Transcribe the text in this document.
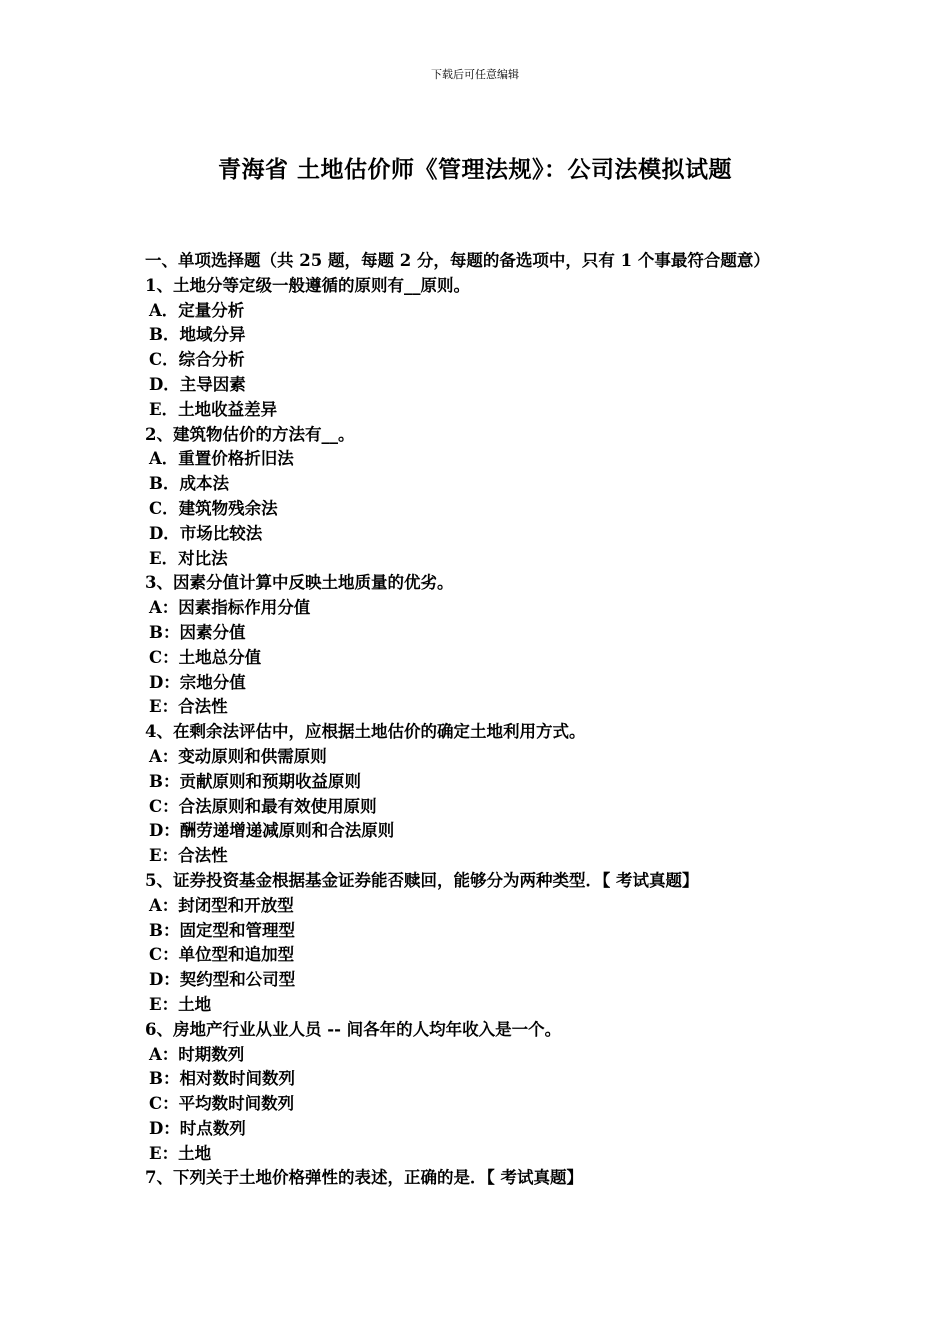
下载后可任意编辑
青海省 土地估价师《管理法规》：公司法模拟试题
一、单项选择题（共 25 题，每题 2 分，每题的备选项中，只有 1 个事最符合题意）
1、土地分等定级一般遵循的原则有__原则。
A．定量分析
B．地域分异
C．综合分析
D．主导因素
E．土地收益差异
2、建筑物估价的方法有__。
A．重置价格折旧法
B．成本法
C．建筑物残余法
D．市场比较法
E．对比法
3、因素分值计算中反映土地质量的优劣。
A：因素指标作用分值
B：因素分值
C：土地总分值
D：宗地分值
E：合法性
4、在剩余法评估中，应根据土地估价的确定土地利用方式。
A：变动原则和供需原则
B：贡献原则和预期收益原则
C：合法原则和最有效使用原则
D：酬劳递增递减原则和合法原则
E：合法性
5、证券投资基金根据基金证券能否赎回，能够分为两种类型．【 考试真题】
A：封闭型和开放型
B：固定型和管理型
C：单位型和追加型
D：契约型和公司型
E：土地
6、房地产行业从业人员 -- 间各年的人均年收入是一个。
A：时期数列
B：相对数时间数列
C：平均数时间数列
D：时点数列
E：土地
7、下列关于土地价格弹性的表述，正确的是．【 考试真题】
